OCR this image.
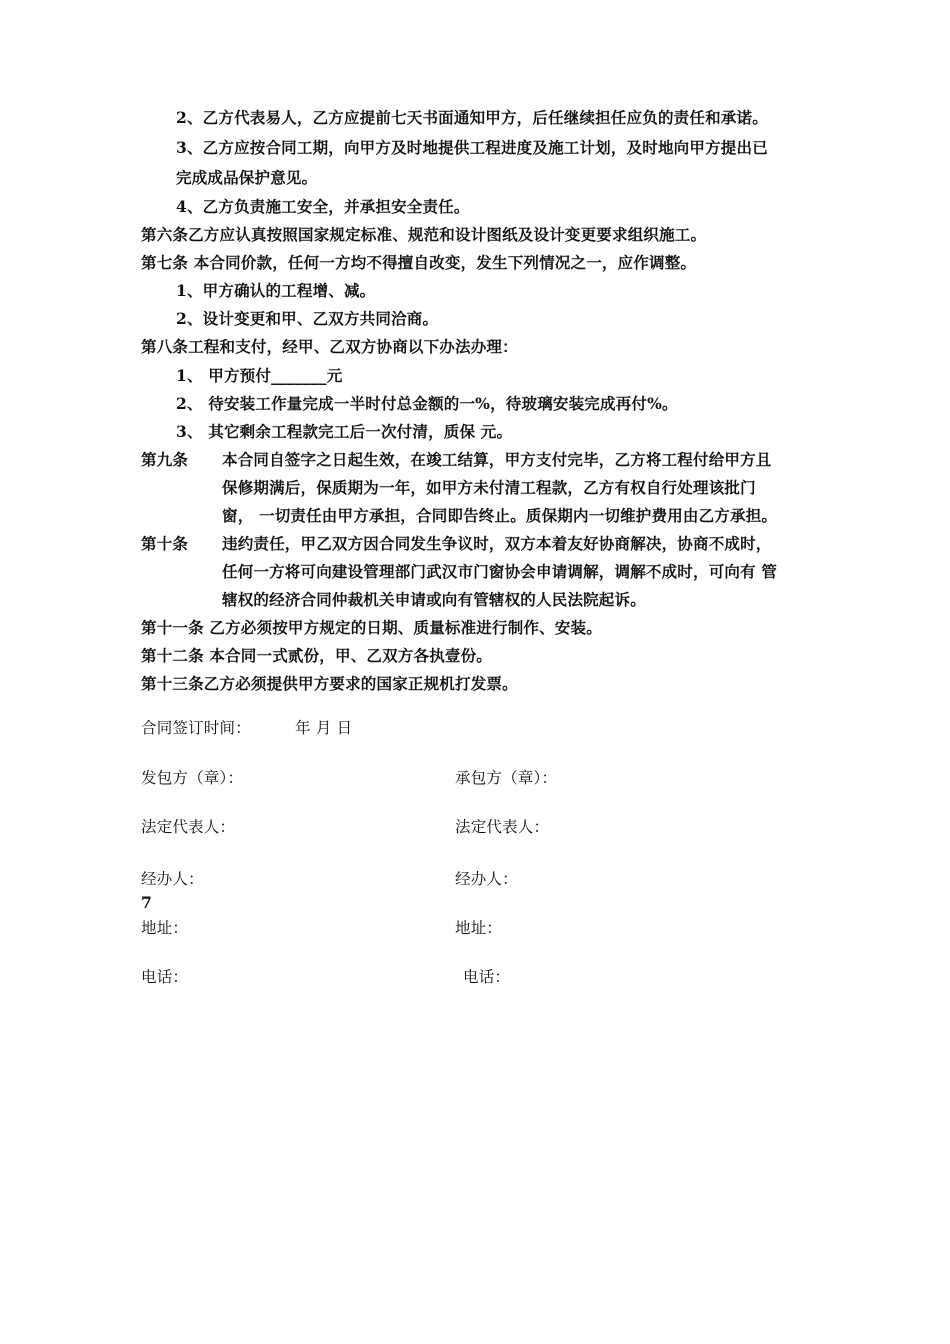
2、乙方代表易人，乙方应提前七天书面通知甲方，后任继续担任应负的责任和承诺。
3、乙方应按合同工期，向甲方及时地提供工程进度及施工计划，及时地向甲方提出已
完成成品保护意见。
4、乙方负责施工安全，并承担安全责任。
第六条乙方应认真按照国家规定标准、规范和设计图纸及设计变更要求组织施工。
第七条 本合同价款，任何一方均不得擅自改变，发生下列情况之一，应作调整。
1、甲方确认的工程增、减。
2、设计变更和甲、乙双方共同洽商。
第八条工程和支付，经甲、乙双方协商以下办法办理：
1、 甲方预付_______元
2、 待安装工作量完成一半时付总金额的一%，待玻璃安装完成再付%。
3、 其它剩余工程款完工后一次付清，质保 元。
第九条 本合同自签字之日起生效，在竣工结算，甲方支付完毕，乙方将工程付给甲方且
保修期满后，保质期为一年，如甲方未付清工程款，乙方有权自行处理该批门
窗， 一切责任由甲方承担，合同即告终止。质保期内一切维护费用由乙方承担。
第十条 违约责任，甲乙双方因合同发生争议时，双方本着友好协商解决，协商不成时，
任何一方将可向建设管理部门武汉市门窗协会申请调解，调解不成时，可向有 管
辖权的经济合同仲裁机关申请或向有管辖权的人民法院起诉。
第十一条 乙方必须按甲方规定的日期、质量标准进行制作、安装。
第十二条 本合同一式贰份，甲、乙双方各执壹份。
第十三条乙方必须提供甲方要求的国家正规机打发票。
合同签订时间：	年 月 日
发包方（章）：	承包方（章）：
法定代表人：	法定代表人：
经办人：	经办人：
7
地址：	地址：
电话：	电话：
